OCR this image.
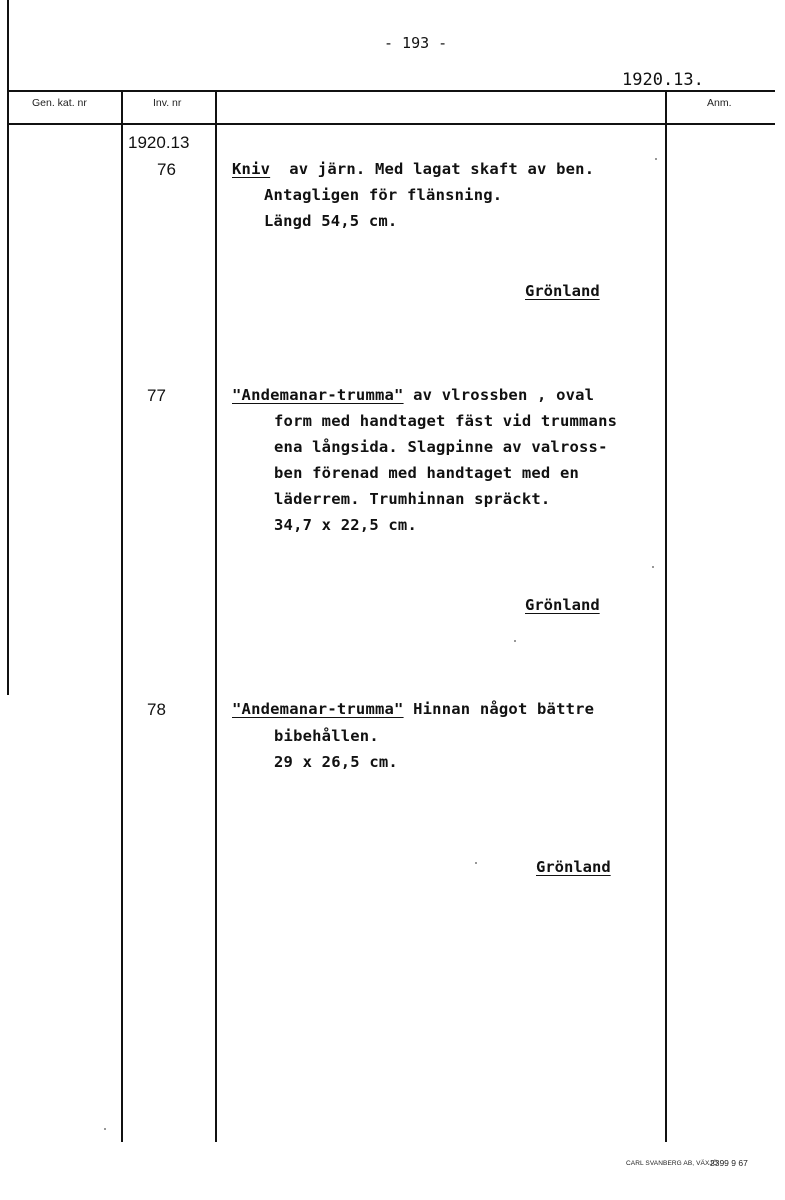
- 193 -
1920.13.
Gen. kat. nr	Inv. nr	Anm.
1920.13
76	Kniv  av järn. Med lagat skaft av ben.
Antagligen för flänsning.
Längd 54,5 cm.
Grönland
77	"Andemanar-trumma" av vlrossben , oval
form med handtaget fäst vid trummans
ena långsida. Slagpinne av valross-
ben förenad med handtaget med en
läderrem. Trumhinnan spräckt.
34,7 x 22,5 cm.
Grönland
78	"Andemanar-trumma" Hinnan något bättre
bibehållen.
29 x 26,5 cm.
Grönland
CARL SVANBERG AB, VÄXJÖ
2399 9 67
